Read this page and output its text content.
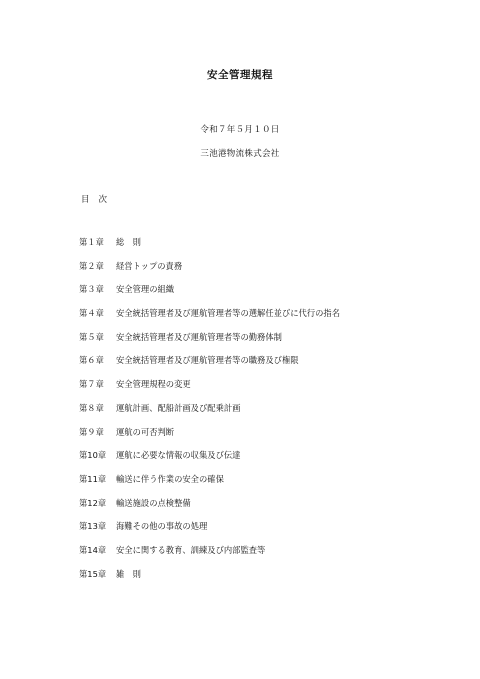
安全管理規程
令和７年５月１０日
三池港物流株式会社
目次
第１章 総　則
第２章 経営トップの責務
第３章 安全管理の組織
第４章 安全統括管理者及び運航管理者等の選解任並びに代行の指名
第５章 安全統括管理者及び運航管理者等の勤務体制
第６章 安全統括管理者及び運航管理者等の職務及び権限
第７章 安全管理規程の変更
第８章 運航計画、配船計画及び配乗計画
第９章 運航の可否判断
第10章 運航に必要な情報の収集及び伝達
第11章 輸送に伴う作業の安全の確保
第12章 輸送施設の点検整備
第13章 海難その他の事故の処理
第14章 安全に関する教育、訓練及び内部監査等
第15章 雑　則
